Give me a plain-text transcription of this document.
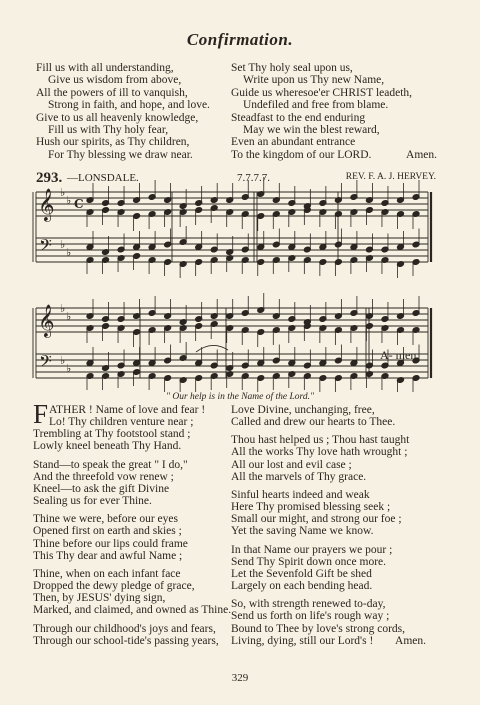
Confirmation.
Fill us with all understanding,
Give us wisdom from above,
All the powers of ill to vanquish,
Strong in faith, and hope, and love.
Give to us all heavenly knowledge,
Fill us with Thy holy fear,
Hush our spirits, as Thy children,
For Thy blessing we draw near.
Set Thy holy seal upon us,
Write upon us Thy new Name,
Guide us wheresoe'er CHRIST leadeth,
Undefiled and free from blame.
Steadfast to the end enduring
May we win the blest reward,
Even an abundant entrance
To the kingdom of our LORD.	Amen.
293. —LONSDALE.	7.7.7.7.	REV. F. A. J. HERVEY.
𝄞
𝄢
♭
♭
♭
♭
C
𝄞
𝄢
♭
♭
♭
♭
A- men.
" Our help is in the Name of the Lord."
F ATHER ! Name of love and fear !
Lo! Thy children venture near ;
Trembling at Thy footstool stand ;
Lowly kneel beneath Thy Hand.
Stand—to speak the great " I do,"
And the threefold vow renew ;
Kneel—to ask the gift Divine
Sealing us for ever Thine.
Thine we were, before our eyes
Opened first on earth and skies ;
Thine before our lips could frame
This Thy dear and awful Name ;
Thine, when on each infant face
Dropped the dewy pledge of grace,
Then, by JESUS' dying sign,
Marked, and claimed, and owned as Thine.
Through our childhood's joys and fears,
Through our school-tide's passing years,
Love Divine, unchanging, free,
Called and drew our hearts to Thee.
Thou hast helped us ; Thou hast taught
All the works Thy love hath wrought ;
All our lost and evil case ;
All the marvels of Thy grace.
Sinful hearts indeed and weak
Here Thy promised blessing seek ;
Small our might, and strong our foe ;
Yet the saving Name we know.
In that Name our prayers we pour ;
Send Thy Spirit down once more.
Let the Sevenfold Gift be shed
Largely on each bending head.
So, with strength renewed to-day,
Send us forth on life's rough way ;
Bound to Thee by love's strong cords,
Living, dying, still our Lord's ! Amen.
329
